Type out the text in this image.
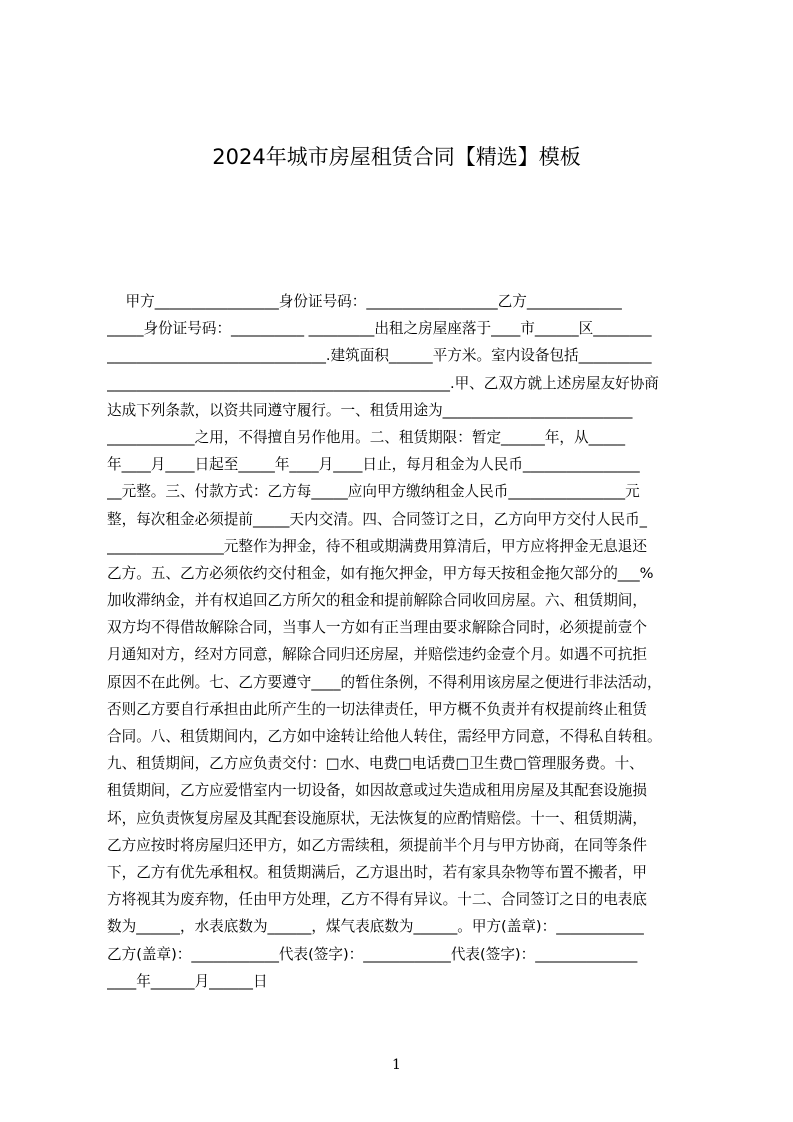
2024年城市房屋租赁合同【精选】模板
甲方_________________身份证号码：__________________乙方_____________
_____身份证号码：__________ _________出租之房屋座落于____市______区________
______________________________.建筑面积______平方米。室内设备包括__________
_______________________________________________.甲、乙双方就上述房屋友好协商
达成下列条款，以资共同遵守履行。一、租赁用途为__________________________
____________之用，不得擅自另作他用。二、租赁期限：暂定______年，从_____
年____月____日起至_____年____月____日止，每月租金为人民币________________
__元整。三、付款方式：乙方每_____应向甲方缴纳租金人民币________________元
整，每次租金必须提前_____天内交清。四、合同签订之日，乙方向甲方交付人民币_
________________元整作为押金，待不租或期满费用算清后，甲方应将押金无息退还
乙方。五、乙方必须依约交付租金，如有拖欠押金，甲方每天按租金拖欠部分的___%
加收滞纳金，并有权追回乙方所欠的租金和提前解除合同收回房屋。六、租赁期间，
双方均不得借故解除合同，当事人一方如有正当理由要求解除合同时，必须提前壹个
月通知对方，经对方同意，解除合同归还房屋，并赔偿违约金壹个月。如遇不可抗拒
原因不在此例。七、乙方要遵守____的暂住条例，不得利用该房屋之便进行非法活动，
否则乙方要自行承担由此所产生的一切法律责任，甲方概不负责并有权提前终止租赁
合同。八、租赁期间内，乙方如中途转让给他人转住，需经甲方同意，不得私自转租。
九、租赁期间，乙方应负责交付：□水、电费□电话费□卫生费□管理服务费。十、
租赁期间，乙方应爱惜室内一切设备，如因故意或过失造成租用房屋及其配套设施损
坏，应负责恢复房屋及其配套设施原状，无法恢复的应酌情赔偿。十一、租赁期满，
乙方应按时将房屋归还甲方，如乙方需续租，须提前半个月与甲方协商，在同等条件
下，乙方有优先承租权。租赁期满后，乙方退出时，若有家具杂物等布置不搬者，甲
方将视其为废弃物，任由甲方处理，乙方不得有异议。十二、合同签订之日的电表底
数为______，水表底数为______，煤气表底数为______。甲方(盖章)：____________
乙方(盖章)：____________代表(签字)：____________代表(签字)：______________
____年______月______日
1
